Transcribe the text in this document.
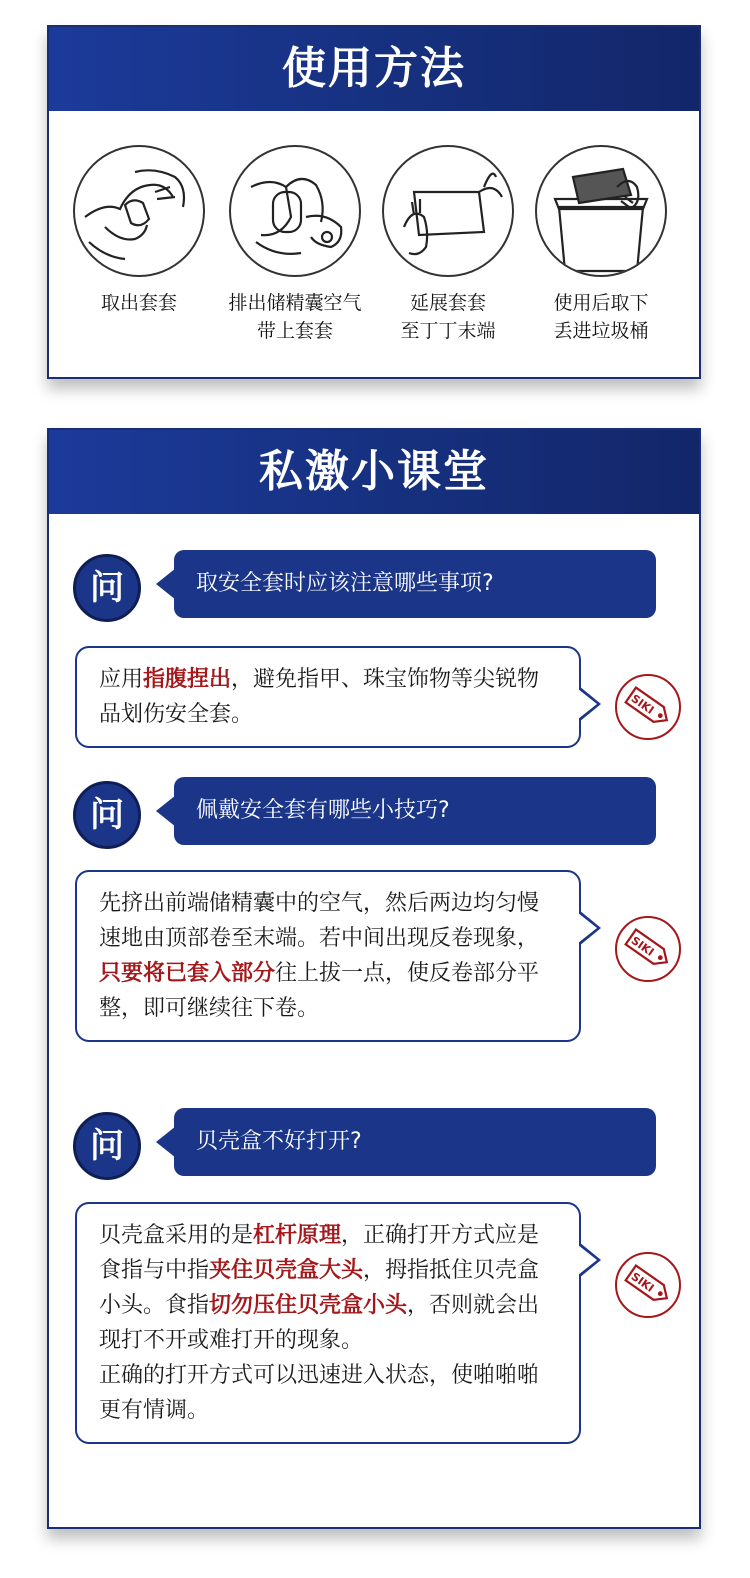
使用方法
取出套套	排出储精囊空气
带上套套
延展套套
至丁丁末端
使用后取下
丢进垃圾桶
私激小课堂
问	取安全套时应该注意哪些事项?
应用指腹捏出，避免指甲、珠宝饰物等尖锐物品划伤安全套。	SIKI
问	佩戴安全套有哪些小技巧?
先挤出前端储精囊中的空气，然后两边均匀慢速地由顶部卷至末端。若中间出现反卷现象，只要将已套入部分往上拔一点，使反卷部分平整，即可继续往下卷。
SIKI
问	贝壳盒不好打开?
贝壳盒采用的是杠杆原理，正确打开方式应是食指与中指夹住贝壳盒大头，拇指抵住贝壳盒小头。食指切勿压住贝壳盒小头，否则就会出现打不开或难打开的现象。
正确的打开方式可以迅速进入状态，使啪啪啪更有情调。
SIKI
